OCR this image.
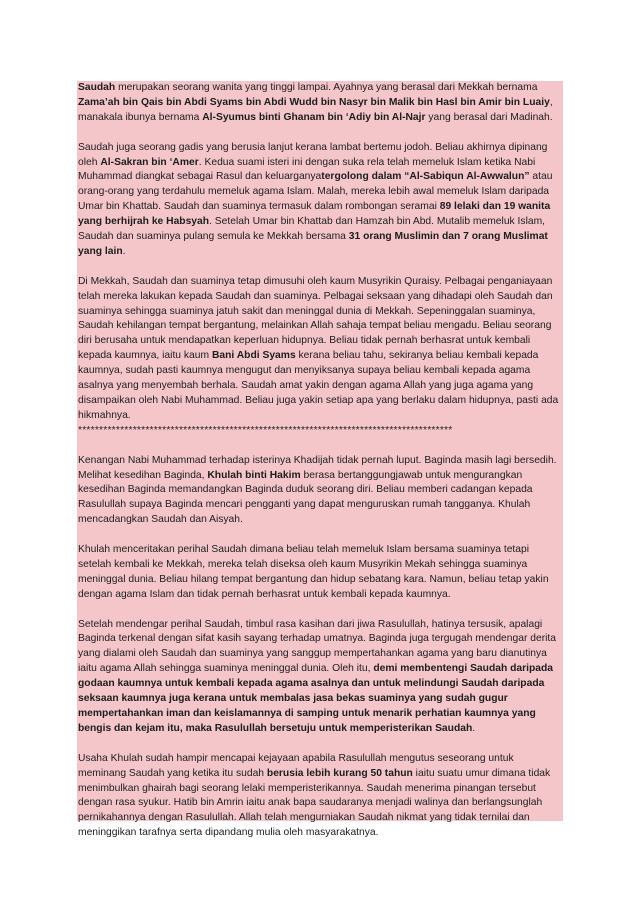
Saudah merupakan seorang wanita yang tinggi lampai. Ayahnya yang berasal dari Mekkah bernama Zama’ah bin Qais bin Abdi Syams bin Abdi Wudd bin Nasyr bin Malik bin Hasl bin Amir bin Luaiy, manakala ibunya bernama Al-Syumus binti Ghanam bin ‘Adiy bin Al-Najr yang berasal dari Madinah.

Saudah juga seorang gadis yang berusia lanjut kerana lambat bertemu jodoh. Beliau akhirnya dipinang oleh Al-Sakran bin ‘Amer. Kedua suami isteri ini dengan suka rela telah memeluk Islam ketika Nabi Muhammad diangkat sebagai Rasul dan keluarganyatergolong dalam “Al-Sabiqun Al-Awwalun” atau orang-orang yang terdahulu memeluk agama Islam. Malah, mereka lebih awal memeluk Islam daripada Umar bin Khattab. Saudah dan suaminya termasuk dalam rombongan seramai 89 lelaki dan 19 wanita yang berhijrah ke Habsyah. Setelah Umar bin Khattab dan Hamzah bin Abd. Mutalib memeluk Islam, Saudah dan suaminya pulang semula ke Mekkah bersama 31 orang Muslimin dan 7 orang Muslimat yang lain.

Di Mekkah, Saudah dan suaminya tetap dimusuhi oleh kaum Musyrikin Quraisy. Pelbagai penganiayaan telah mereka lakukan kepada Saudah dan suaminya. Pelbagai seksaan yang dihadapi oleh Saudah dan suaminya sehingga suaminya jatuh sakit dan meninggal dunia di Mekkah. Sepeninggalan suaminya, Saudah kehilangan tempat bergantung, melainkan Allah sahaja tempat beliau mengadu. Beliau seorang diri berusaha untuk mendapatkan keperluan hidupnya. Beliau tidak pernah berhasrat untuk kembali kepada kaumnya, iaitu kaum Bani Abdi Syams kerana beliau tahu, sekiranya beliau kembali kepada kaumnya, sudah pasti kaumnya mengugut dan menyiksanya supaya beliau kembali kepada agama asalnya yang menyembah berhala. Saudah amat yakin dengan agama Allah yang juga agama yang disampaikan oleh Nabi Muhammad. Beliau juga yakin setiap apa yang berlaku dalam hidupnya, pasti ada hikmahnya.

*****************************************************************************************

Kenangan Nabi Muhammad terhadap isterinya Khadijah tidak pernah luput. Baginda masih lagi bersedih. Melihat kesedihan Baginda, Khulah binti Hakim berasa bertanggungjawab untuk mengurangkan kesedihan Baginda memandangkan Baginda duduk seorang diri. Beliau memberi cadangan kepada Rasulullah supaya Baginda mencari pengganti yang dapat menguruskan rumah tangganya. Khulah mencadangkan Saudah dan Aisyah.

Khulah menceritakan perihal Saudah dimana beliau telah memeluk Islam bersama suaminya tetapi setelah kembali ke Mekkah, mereka telah diseksa oleh kaum Musyrikin Mekah sehingga suaminya meninggal dunia. Beliau hilang tempat bergantung dan hidup sebatang kara. Namun, beliau tetap yakin dengan agama Islam dan tidak pernah berhasrat untuk kembali kepada kaumnya.

Setelah mendengar perihal Saudah, timbul rasa kasihan dari jiwa Rasulullah, hatinya tersusik, apalagi Baginda terkenal dengan sifat kasih sayang terhadap umatnya. Baginda juga tergugah mendengar derita yang dialami oleh Saudah dan suaminya yang sanggup mempertahankan agama yang baru dianutinya iaitu agama Allah sehingga suaminya meninggal dunia. Oleh itu, demi membentengi Saudah daripada godaan kaumnya untuk kembali kepada agama asalnya dan untuk melindungi Saudah daripada seksaan kaumnya juga kerana untuk membalas jasa bekas suaminya yang sudah gugur mempertahankan iman dan keislamannya di samping untuk menarik perhatian kaumnya yang bengis dan kejam itu, maka Rasulullah bersetuju untuk memperisterikan Saudah.

Usaha Khulah sudah hampir mencapai kejayaan apabila Rasulullah mengutus seseorang untuk meminang Saudah yang ketika itu sudah berusia lebih kurang 50 tahun iaitu suatu umur dimana tidak menimbulkan ghairah bagi seorang lelaki memperisterikannya. Saudah menerima pinangan tersebut dengan rasa syukur. Hatib bin Amrin iaitu anak bapa saudaranya menjadi walinya dan berlangsunglah pernikahannya dengan Rasulullah. Allah telah mengurniakan Saudah nikmat yang tidak ternilai dan meninggikan tarafnya serta dipandang mulia oleh masyarakatnya.
